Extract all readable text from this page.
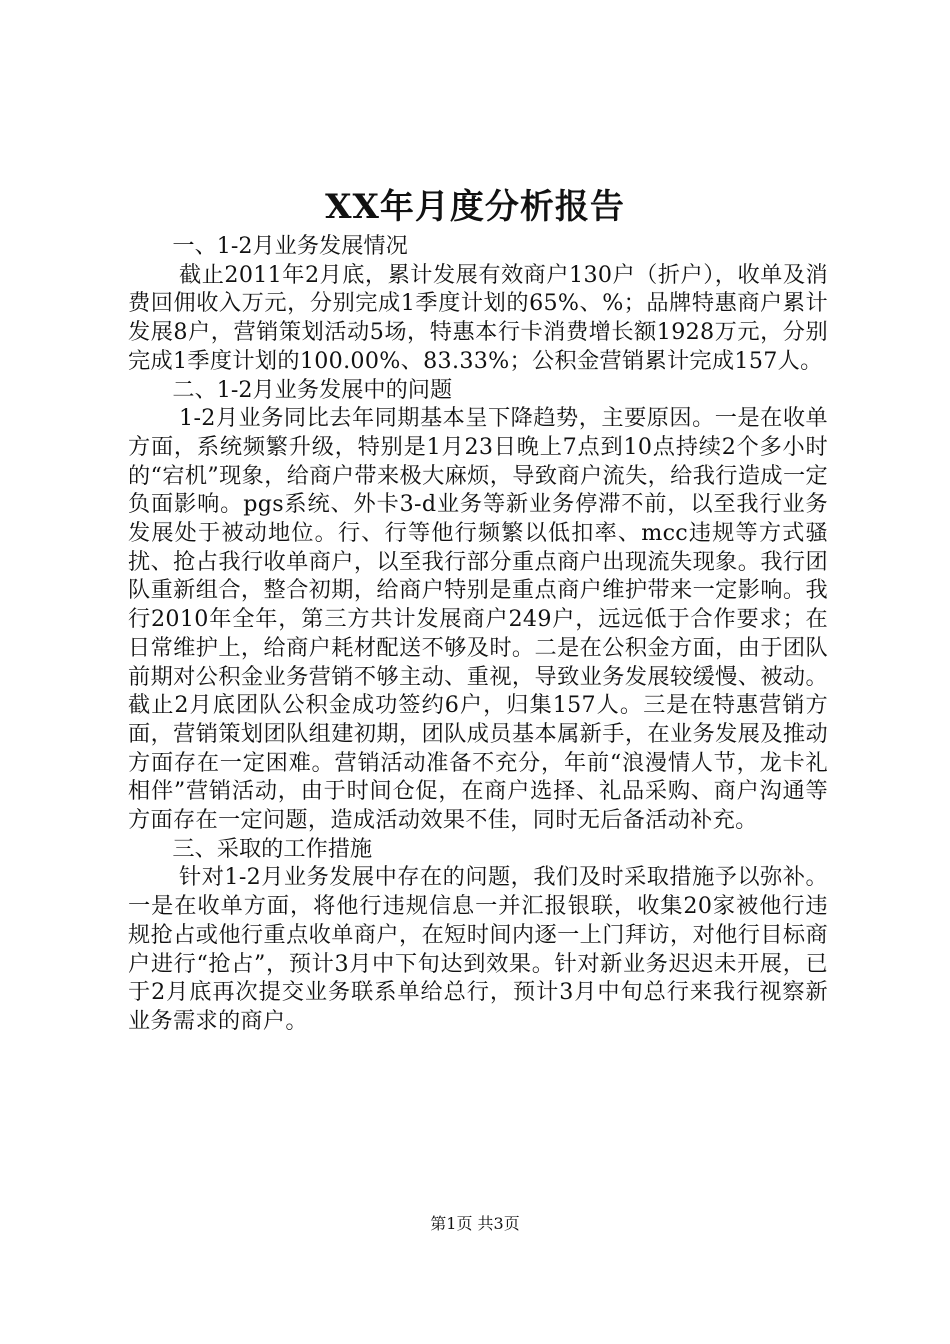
XX年月度分析报告

一、1-2月业务发展情况

截止2011年2月底，累计发展有效商户130户（折户），收单及消费回佣收入万元，分别完成1季度计划的65%、%；品牌特惠商户累计发展8户，营销策划活动5场，特惠本行卡消费增长额1928万元，分别完成1季度计划的100.00%、83.33%；公积金营销累计完成157人。

二、1-2月业务发展中的问题

1-2月业务同比去年同期基本呈下降趋势，主要原因。一是在收单方面，系统频繁升级，特别是1月23日晚上7点到10点持续2个多小时的“宕机”现象，给商户带来极大麻烦，导致商户流失，给我行造成一定负面影响。pgs系统、外卡3-d业务等新业务停滞不前，以至我行业务发展处于被动地位。行、行等他行频繁以低扣率、mcc违规等方式骚扰、抢占我行收单商户，以至我行部分重点商户出现流失现象。我行团队重新组合，整合初期，给商户特别是重点商户维护带来一定影响。我行2010年全年，第三方共计发展商户249户，远远低于合作要求；在日常维护上，给商户耗材配送不够及时。二是在公积金方面，由于团队前期对公积金业务营销不够主动、重视，导致业务发展较缓慢、被动。截止2月底团队公积金成功签约6户，归集157人。三是在特惠营销方面，营销策划团队组建初期，团队成员基本属新手，在业务发展及推动方面存在一定困难。营销活动准备不充分，年前“浪漫情人节，龙卡礼相伴”营销活动，由于时间仓促，在商户选择、礼品采购、商户沟通等方面存在一定问题，造成活动效果不佳，同时无后备活动补充。

三、采取的工作措施

针对1-2月业务发展中存在的问题，我们及时采取措施予以弥补。一是在收单方面，将他行违规信息一并汇报银联，收集20家被他行违规抢占或他行重点收单商户，在短时间内逐一上门拜访，对他行目标商户进行“抢占”，预计3月中下旬达到效果。针对新业务迟迟未开展，已于2月底再次提交业务联系单给总行，预计3月中旬总行来我行视察新业务需求的商户。

第1页 共3页
